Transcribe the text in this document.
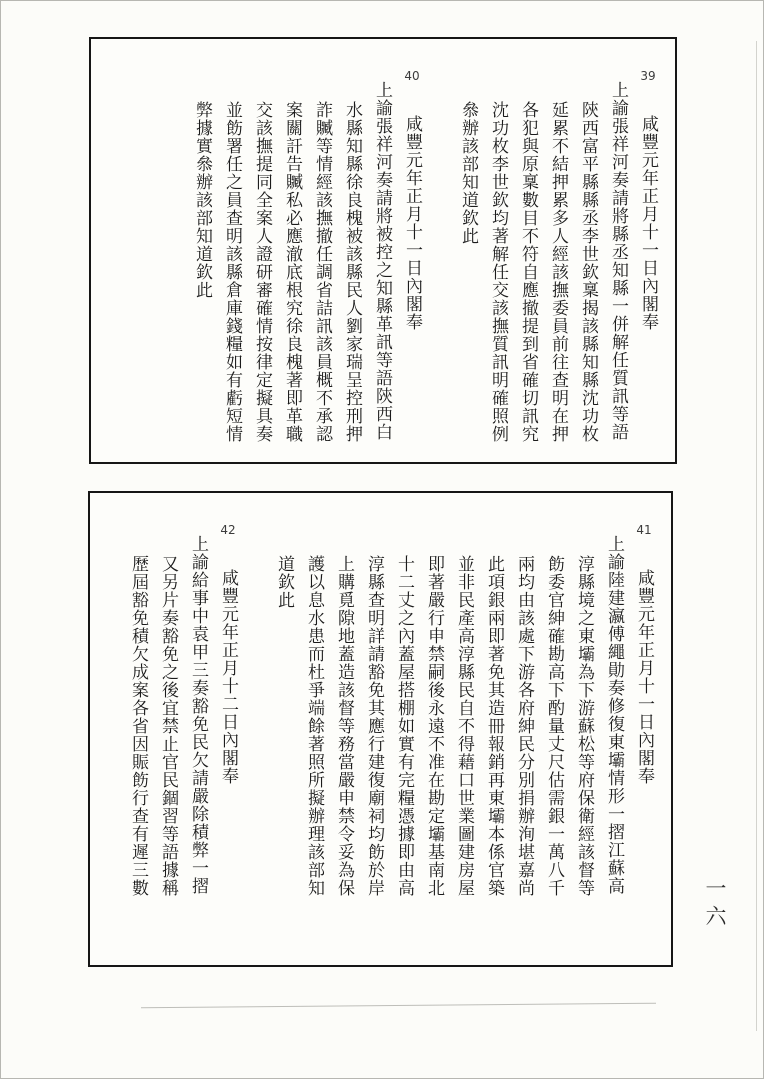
咸豐元年正月十一日內閣奉
39

上諭張祥河奏請將縣丞知縣一併解任質訊等語

陝西富平縣縣丞李世欽稟揭該縣知縣沈功枚

延累不結押累多人經該撫委員前往查明在押

各犯與原稟數目不符自應撤提到省確切訊究

沈功枚李世欽均著解任交該撫質訊明確照例

叅辦該部知道欽此

咸豐元年正月十一日內閣奉
40

上諭張祥河奏請將被控之知縣革訊等語陝西白

水縣知縣徐良槐被該縣民人劉家瑞呈控刑押

詐贓等情經該撫撤任調省詰訊該員概不承認

案關訐告贓私必應澈底根究徐良槐著即革職

交該撫提同全案人證研審確情按律定擬具奏

並飭署任之員查明該縣倉庫錢糧如有虧短情

弊據實叅辦該部知道欽此

咸豐元年正月十一日內閣奉
41

上諭陸建瀛傅繩勛奏修復東壩情形一摺江蘇高

淳縣境之東壩為下游蘇松等府保衛經該督等

飭委官紳確勘高下酌量丈尺估需銀一萬八千

兩均由該處下游各府紳民分別捐辦洵堪嘉尚

此項銀兩即著免其造冊報銷再東壩本係官築

並非民產高淳縣民自不得藉口世業圖建房屋

即著嚴行申禁嗣後永遠不准在勘定壩基南北

十二丈之內蓋屋搭棚如實有完糧憑據即由高

淳縣查明詳請豁免其應行建復廟祠均飭於岸

上購覓隙地蓋造該督等務當嚴申禁令妥為保

護以息水患而杜爭端餘著照所擬辦理該部知

道欽此

咸豐元年正月十二日內閣奉
42

上諭給事中袁甲三奏豁免民欠請嚴除積弊一摺

又另片奏豁免之後宜禁止官民錮習等語據稱

歷屆豁免積欠成案各省因賑飭行查有遲三數

一六
